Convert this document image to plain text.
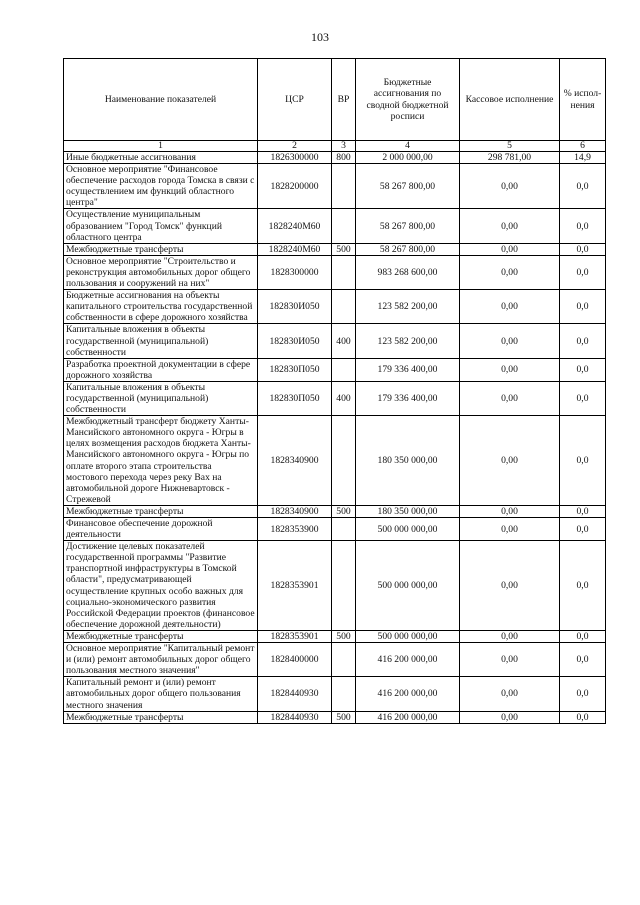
103
Наименование показателей	ЦСР	ВР	Бюджетные ассигнования по сводной бюджетной росписи	Кассовое исполнение	% испол-нения
1	2	3	4	5	6
Иные бюджетные ассигнования	1826300000	800	2 000 000,00	298 781,00	14,9
Основное мероприятие "Финансовое обеспечение расходов города Томска в связи с осуществлением им функций областного центра"	1828200000		58 267 800,00	0,00	0,0
Осуществление муниципальным образованием "Город Томск" функций областного центра	1828240М60		58 267 800,00	0,00	0,0
Межбюджетные трансферты	1828240М60	500	58 267 800,00	0,00	0,0
Основное мероприятие "Строительство и реконструкция автомобильных дорог общего пользования и сооружений на них"	1828300000		983 268 600,00	0,00	0,0
Бюджетные ассигнования на объекты капитального строительства государственной собственности в сфере дорожного хозяйства	182830И050		123 582 200,00	0,00	0,0
Капитальные вложения в объекты государственной (муниципальной) собственности	182830И050	400	123 582 200,00	0,00	0,0
Разработка проектной документации в сфере дорожного хозяйства	182830П050		179 336 400,00	0,00	0,0
Капитальные вложения в объекты государственной (муниципальной) собственности	182830П050	400	179 336 400,00	0,00	0,0
Межбюджетный трансферт бюджету Ханты-Мансийского автономного округа - Югры в целях возмещения расходов бюджета Ханты-Мансийского автономного округа - Югры по оплате второго этапа строительства мостового перехода через реку Вах на автомобильной дороге Нижневартовск - Стрежевой	1828340900		180 350 000,00	0,00	0,0
Межбюджетные трансферты	1828340900	500	180 350 000,00	0,00	0,0
Финансовое обеспечение дорожной деятельности	1828353900		500 000 000,00	0,00	0,0
Достижение целевых показателей государственной программы "Развитие транспортной инфраструктуры в Томской области", предусматривающей осуществление крупных особо важных для социально-экономического развития Российской Федерации проектов (финансовое обеспечение дорожной деятельности)	1828353901		500 000 000,00	0,00	0,0
Межбюджетные трансферты	1828353901	500	500 000 000,00	0,00	0,0
Основное мероприятие "Капитальный ремонт и (или) ремонт автомобильных дорог общего пользования местного значения"	1828400000		416 200 000,00	0,00	0,0
Капитальный ремонт и (или) ремонт автомобильных дорог общего пользования местного значения	1828440930		416 200 000,00	0,00	0,0
Межбюджетные трансферты	1828440930	500	416 200 000,00	0,00	0,0
